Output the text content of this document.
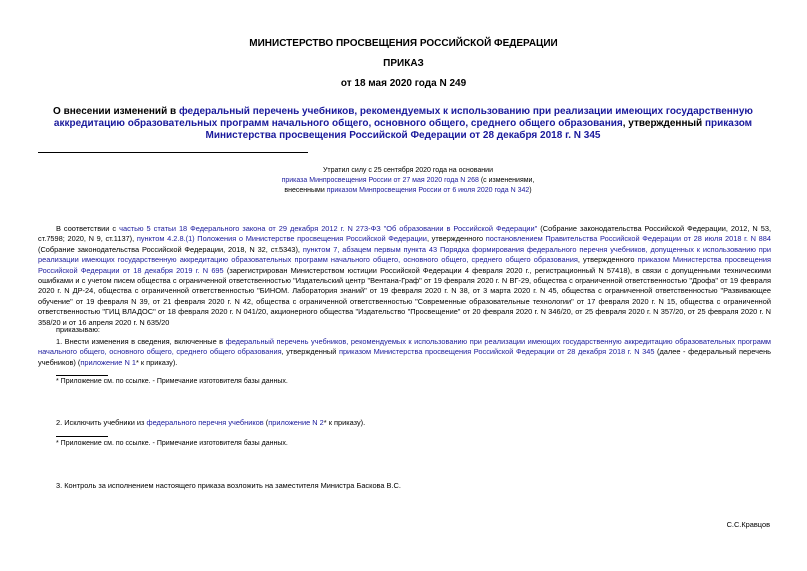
МИНИСТЕРСТВО ПРОСВЕЩЕНИЯ РОССИЙСКОЙ ФЕДЕРАЦИИ
ПРИКАЗ
от 18 мая 2020 года N 249
О внесении изменений в федеральный перечень учебников, рекомендуемых к использованию при реализации имеющих государственную аккредитацию образовательных программ начального общего, основного общего, среднего общего образования, утвержденный приказом Министерства просвещения Российской Федерации от 28 декабря 2018 г. N 345
Утратил силу с 25 сентября 2020 года на основании
приказа Минпросвещения России от 27 мая 2020 года N 268 (с изменениями,
внесенными приказом Минпросвещения России от 6 июля 2020 года N 342)
В соответствии с частью 5 статьи 18 Федерального закона от 29 декабря 2012 г. N 273-ФЗ "Об образовании в Российской Федерации" (Собрание законодательства Российской Федерации, 2012, N 53, ст.7598; 2020, N 9, ст.1137), пунктом 4.2.8.(1) Положения о Министерстве просвещения Российской Федерации, утвержденного постановлением Правительства Российской Федерации от 28 июля 2018 г. N 884 (Собрание законодательства Российской Федерации, 2018, N 32, ст.5343), пунктом 7, абзацем первым пункта 43 Порядка формирования федерального перечня учебников, допущенных к использованию при реализации имеющих государственную аккредитацию образовательных программ начального общего, основного общего, среднего общего образования, утвержденного приказом Министерства просвещения Российской Федерации от 18 декабря 2019 г. N 695 (зарегистрирован Министерством юстиции Российской Федерации 4 февраля 2020 г., регистрационный N 57418), в связи с допущенными техническими ошибками и с учетом писем общества с ограниченной ответственностью "Издательский центр "Вентана-Граф" от 19 февраля 2020 г. N ВГ-29, общества с ограниченной ответственностью "Дрофа" от 19 февраля 2020 г. N ДР-24, общества с ограниченной ответственностью "БИНОМ. Лаборатория знаний" от 19 февраля 2020 г. N 38, от 3 марта 2020 г. N 45, общества с ограниченной ответственностью "Развивающее обучение" от 19 февраля N 39, от 21 февраля 2020 г. N 42, общества с ограниченной ответственностью "Современные образовательные технологии" от 17 февраля 2020 г. N 15, общества с ограниченной ответственностью "ГИЦ ВЛАДОС" от 18 февраля 2020 г. N 041/20, акционерного общества "Издательство "Просвещение" от 20 февраля 2020 г. N 346/20, от 25 февраля 2020 г. N 357/20, от 25 февраля 2020 г. N 358/20 и от 16 апреля 2020 г. N 635/20
приказываю:
1. Внести изменения в сведения, включенные в федеральный перечень учебников, рекомендуемых к использованию при реализации имеющих государственную аккредитацию образовательных программ начального общего, основного общего, среднего общего образования, утвержденный приказом Министерства просвещения Российской Федерации от 28 декабря 2018 г. N 345 (далее - федеральный перечень учебников) (приложение N 1* к приказу).
* Приложение см. по ссылке. - Примечание изготовителя базы данных.
2. Исключить учебники из федерального перечня учебников (приложение N 2* к приказу).
* Приложение см. по ссылке. - Примечание изготовителя базы данных.
3. Контроль за исполнением настоящего приказа возложить на заместителя Министра Баскова В.С.
С.С.Кравцов
